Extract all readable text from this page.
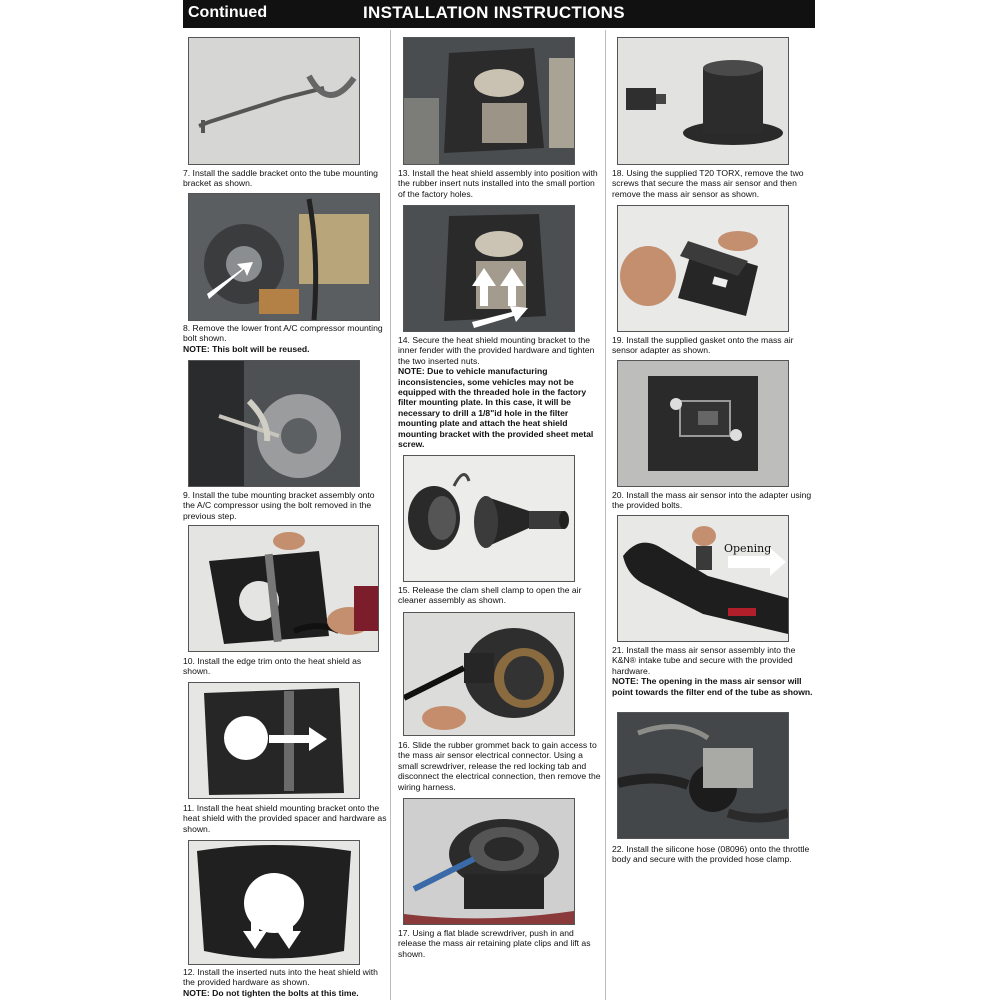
Continued	INSTALLATION INSTRUCTIONS
7. Install the saddle bracket onto the tube mounting bracket as shown.
8. Remove the lower front A/C compressor mounting bolt shown.
NOTE: This bolt will be reused.
9. Install the tube mounting bracket assembly onto the A/C compressor using the bolt removed in the previous step.
10. Install the edge trim onto the heat shield as shown.
11. Install the heat shield mounting bracket onto the heat shield with the provided spacer and hardware as shown.
12. Install the inserted nuts into the heat shield with the provided hardware as shown.
NOTE: Do not tighten the bolts at this time.
13. Install the heat shield assembly into position with the rubber insert nuts installed into the small portion of the factory holes.
14. Secure the heat shield mounting bracket to the inner fender with the provided hardware and tighten the two inserted nuts.
NOTE: Due to vehicle manufacturing inconsistencies, some vehicles may not be equipped with the threaded hole in the factory filter mounting plate. In this case, it will be necessary to drill a 1/8"id hole in the filter mounting plate and attach the heat shield mounting bracket with the provided sheet metal screw.
15. Release the clam shell clamp to open the air cleaner assembly as shown.
16. Slide the rubber grommet back to gain access to the mass air sensor electrical connector. Using a small screwdriver, release the red locking tab and disconnect the electrical connection, then remove the wiring harness.
17. Using a flat blade screwdriver, push in and release the mass air retaining plate clips and lift as shown.
18. Using the supplied T20 TORX, remove the two screws that secure the mass air sensor and then remove the mass air sensor as shown.
19. Install the supplied gasket onto the mass air sensor adapter as shown.
20. Install the mass air sensor into the adapter using the provided bolts.
Opening
21. Install the mass air sensor assembly into the K&N® intake tube and secure with the provided hardware.
NOTE: The opening in the mass air sensor will point towards the filter end of the tube as shown.
22. Install the silicone hose (08096) onto the throttle body and secure with the provided hose clamp.
